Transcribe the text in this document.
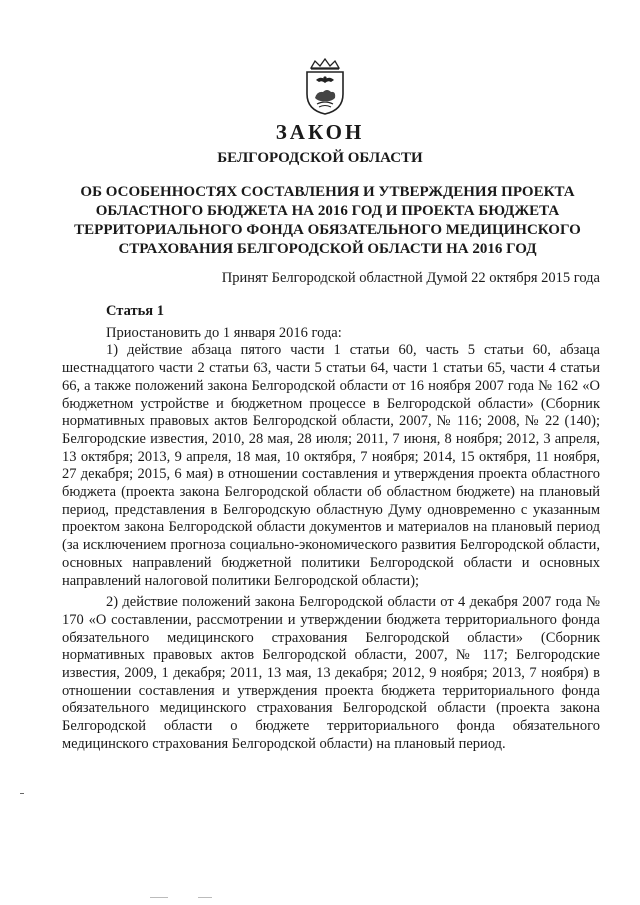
ЗАКОН

БЕЛГОРОДСКОЙ ОБЛАСТИ

ОБ ОСОБЕННОСТЯХ СОСТАВЛЕНИЯ И УТВЕРЖДЕНИЯ ПРОЕКТА ОБЛАСТНОГО БЮДЖЕТА НА 2016 ГОД И ПРОЕКТА БЮДЖЕТА ТЕРРИТОРИАЛЬНОГО ФОНДА ОБЯЗАТЕЛЬНОГО МЕДИЦИНСКОГО СТРАХОВАНИЯ БЕЛГОРОДСКОЙ ОБЛАСТИ НА 2016 ГОД

Принят Белгородской областной Думой 22 октября 2015 года

Статья 1

Приостановить до 1 января 2016 года:

1) действие абзаца пятого части 1 статьи 60, часть 5 статьи 60, абзаца шестнадцатого части 2 статьи 63, части 5 статьи 64, части 1 статьи 65, части 4 статьи 66, а также положений закона Белгородской области от 16 ноября 2007 года № 162 «О бюджетном устройстве и бюджетном процессе в Белгородской области» (Сборник нормативных правовых актов Белгородской области, 2007, № 116; 2008, № 22 (140); Белгородские известия, 2010, 28 мая, 28 июля; 2011, 7 июня, 8 ноября; 2012, 3 апреля, 13 октября; 2013, 9 апреля, 18 мая, 10 октября, 7 ноября; 2014, 15 октября, 11 ноября, 27 декабря; 2015, 6 мая) в отношении составления и утверждения проекта областного бюджета (проекта закона Белгородской области об областном бюджете) на плановый период, представления в Белгородскую областную Думу одновременно с указанным проектом закона Белгородской области документов и материалов на плановый период (за исключением прогноза социально-экономического развития Белгородской области, основных направлений бюджетной политики Белгородской области и основных направлений налоговой политики Белгородской области);

2) действие положений закона Белгородской области от 4 декабря 2007 года № 170 «О составлении, рассмотрении и утверждении бюджета территориального фонда обязательного медицинского страхования Белгородской области» (Сборник нормативных правовых актов Белгородской области, 2007, № 117; Белгородские известия, 2009, 1 декабря; 2011, 13 мая, 13 декабря; 2012, 9 ноября; 2013, 7 ноября) в отношении составления и утверждения проекта бюджета территориального фонда обязательного медицинского страхования Белгородской области (проекта закона Белгородской области о бюджете территориального фонда обязательного медицинского страхования Белгородской области) на плановый период.
